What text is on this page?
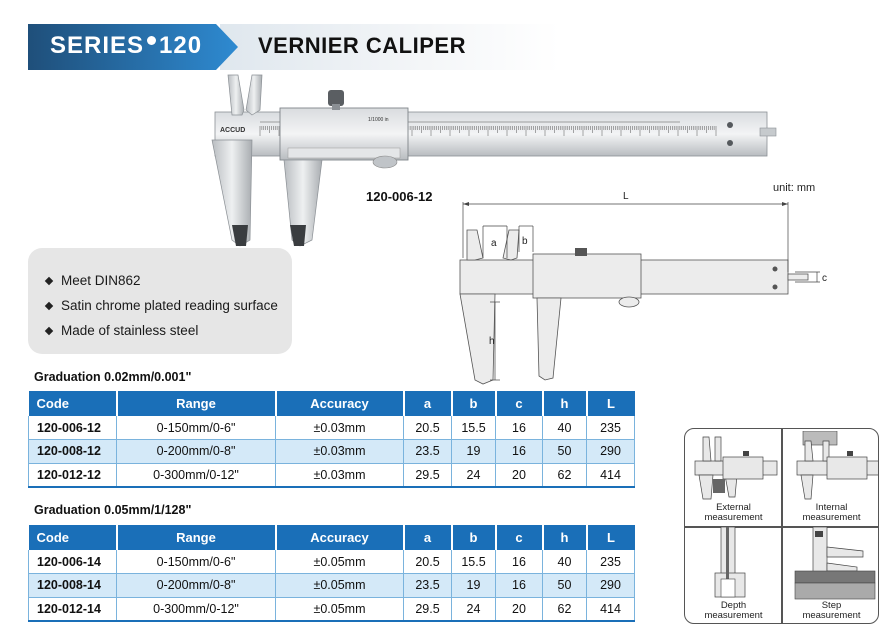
SERIES 120	VERNIER CALIPER
ACCUD
1/1000 in
120-006-12
Meet DIN862
Satin chrome plated reading surface
Made of stainless steel
unit: mm
L
a	b
c
h
Graduation 0.02mm/0.001"
Code	Range	Accuracy	a	b	c	h	L
120-006-12	0-150mm/0-6"	±0.03mm	20.5	15.5	16	40	235
120-008-12	0-200mm/0-8"	±0.03mm	23.5	19	16	50	290
120-012-12	0-300mm/0-12"	±0.03mm	29.5	24	20	62	414
Graduation 0.05mm/1/128"
Code	Range	Accuracy	a	b	c	h	L
120-006-14	0-150mm/0-6"	±0.05mm	20.5	15.5	16	40	235
120-008-14	0-200mm/0-8"	±0.05mm	23.5	19	16	50	290
120-012-14	0-300mm/0-12"	±0.05mm	29.5	24	20	62	414
External
measurement
Internal
measurement
Depth
measurement
Step
measurement
